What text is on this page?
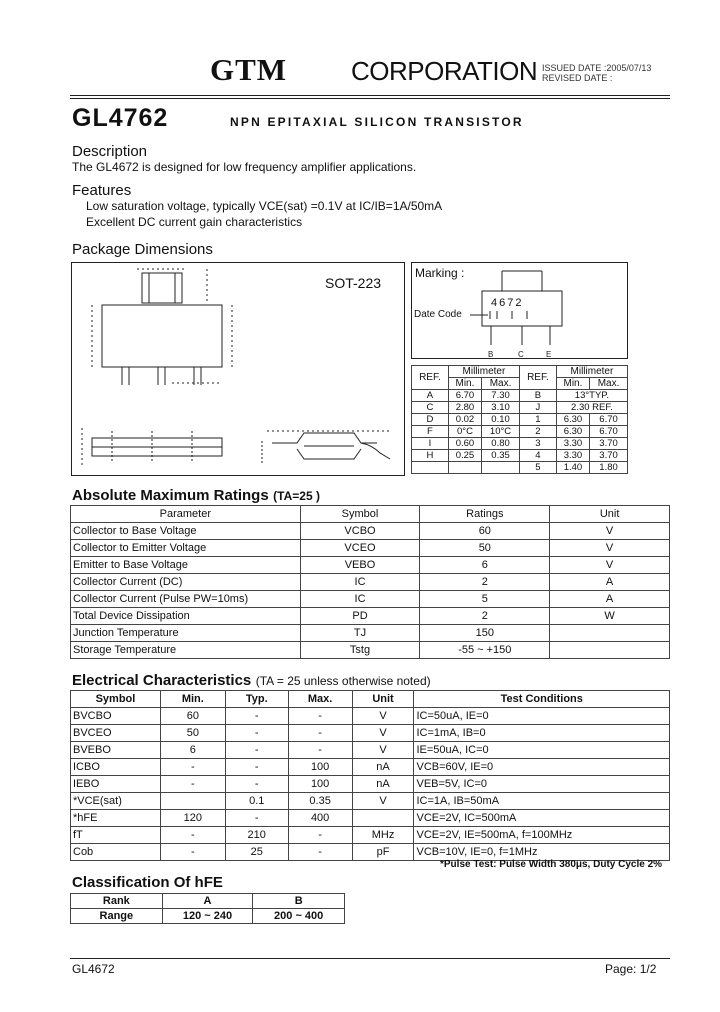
GTM CORPORATION ISSUED DATE :2005/07/13
REVISED DATE :
GL4762	NPN EPITAXIAL SILICON TRANSISTOR
Description
The GL4672 is designed for low frequency amplifier applications.
Features
Low saturation voltage, typically VCE(sat) =0.1V at IC/IB=1A/50mA
Excellent DC current gain characteristics
Package Dimensions
SOT-223
B	C	E
Marking :
Date Code
4672
REF.	Millimeter		REF.	Millimeter	
	Min.	Max.		Min.	Max.
A	6.70	7.30	B	13°TYP.	
C	2.80	3.10	J	2.30 REF.	
D	0.02	0.10	1	6.30	6.70
F	0°C	10°C	2	6.30	6.70
I	0.60	0.80	3	3.30	3.70
H	0.25	0.35	4	3.30	3.70
			5	1.40	1.80
Absolute Maximum Ratings (TA=25 )
Parameter	Symbol	Ratings	Unit
Collector to Base Voltage	VCBO	60	V
Collector to Emitter Voltage	VCEO	50	V
Emitter to Base Voltage	VEBO	6	V
Collector Current (DC)	IC	2	A
Collector Current (Pulse PW=10ms)	IC	5	A
Total Device Dissipation	PD	2	W
Junction Temperature	TJ	150	
Storage Temperature	Tstg	-55 ~ +150	
Electrical Characteristics (TA = 25 unless otherwise noted)
Symbol	Min.	Typ.	Max.	Unit	Test Conditions
BVCBO	60	-	-	V	IC=50uA, IE=0
BVCEO	50	-	-	V	IC=1mA, IB=0
BVEBO	6	-	-	V	IE=50uA, IC=0
ICBO	-	-	100	nA	VCB=60V, IE=0
IEBO	-	-	100	nA	VEB=5V, IC=0
*VCE(sat)		0.1	0.35	V	IC=1A, IB=50mA
*hFE	120	-	400		VCE=2V, IC=500mA
fT	-	210	-	MHz	VCE=2V, IE=500mA, f=100MHz
Cob	-	25	-	pF	VCB=10V, IE=0, f=1MHz
*Pulse Test: Pulse Width 380μs, Duty Cycle 2%
Classification Of hFE
Rank	A	B
Range	120 ~ 240	200 ~ 400
GL4672	Page: 1/2
